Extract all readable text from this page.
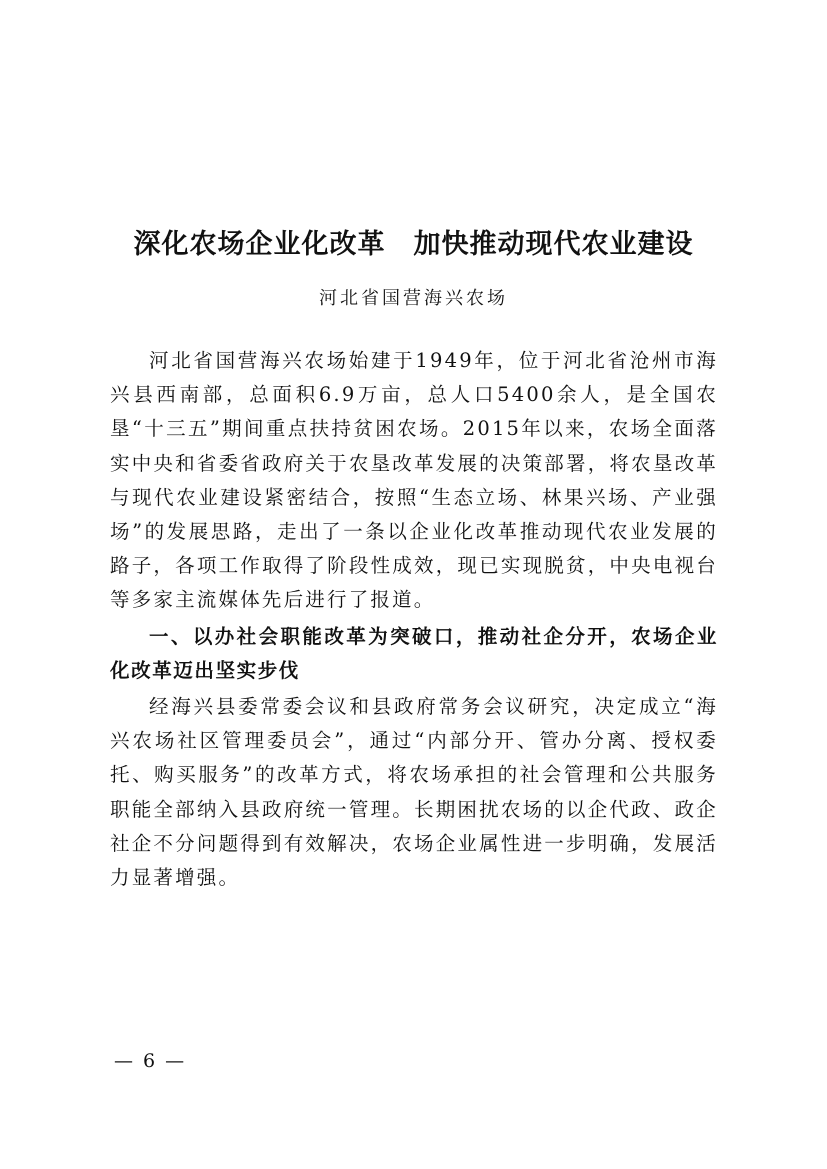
深化农场企业化改革　加快推动现代农业建设
河北省国营海兴农场

河北省国营海兴农场始建于1949年，位于河北省沧州市海兴县西南部，总面积6.9万亩，总人口5400余人，是全国农垦“十三五”期间重点扶持贫困农场。2015年以来，农场全面落实中央和省委省政府关于农垦改革发展的决策部署，将农垦改革与现代农业建设紧密结合，按照“生态立场、林果兴场、产业强场”的发展思路，走出了一条以企业化改革推动现代农业发展的路子，各项工作取得了阶段性成效，现已实现脱贫，中央电视台等多家主流媒体先后进行了报道。

一、以办社会职能改革为突破口，推动社企分开，农场企业化改革迈出坚实步伐

经海兴县委常委会议和县政府常务会议研究，决定成立“海兴农场社区管理委员会”，通过“内部分开、管办分离、授权委托、购买服务”的改革方式，将农场承担的社会管理和公共服务职能全部纳入县政府统一管理。长期困扰农场的以企代政、政企社企不分问题得到有效解决，农场企业属性进一步明确，发展活力显著增强。

— 6 —
